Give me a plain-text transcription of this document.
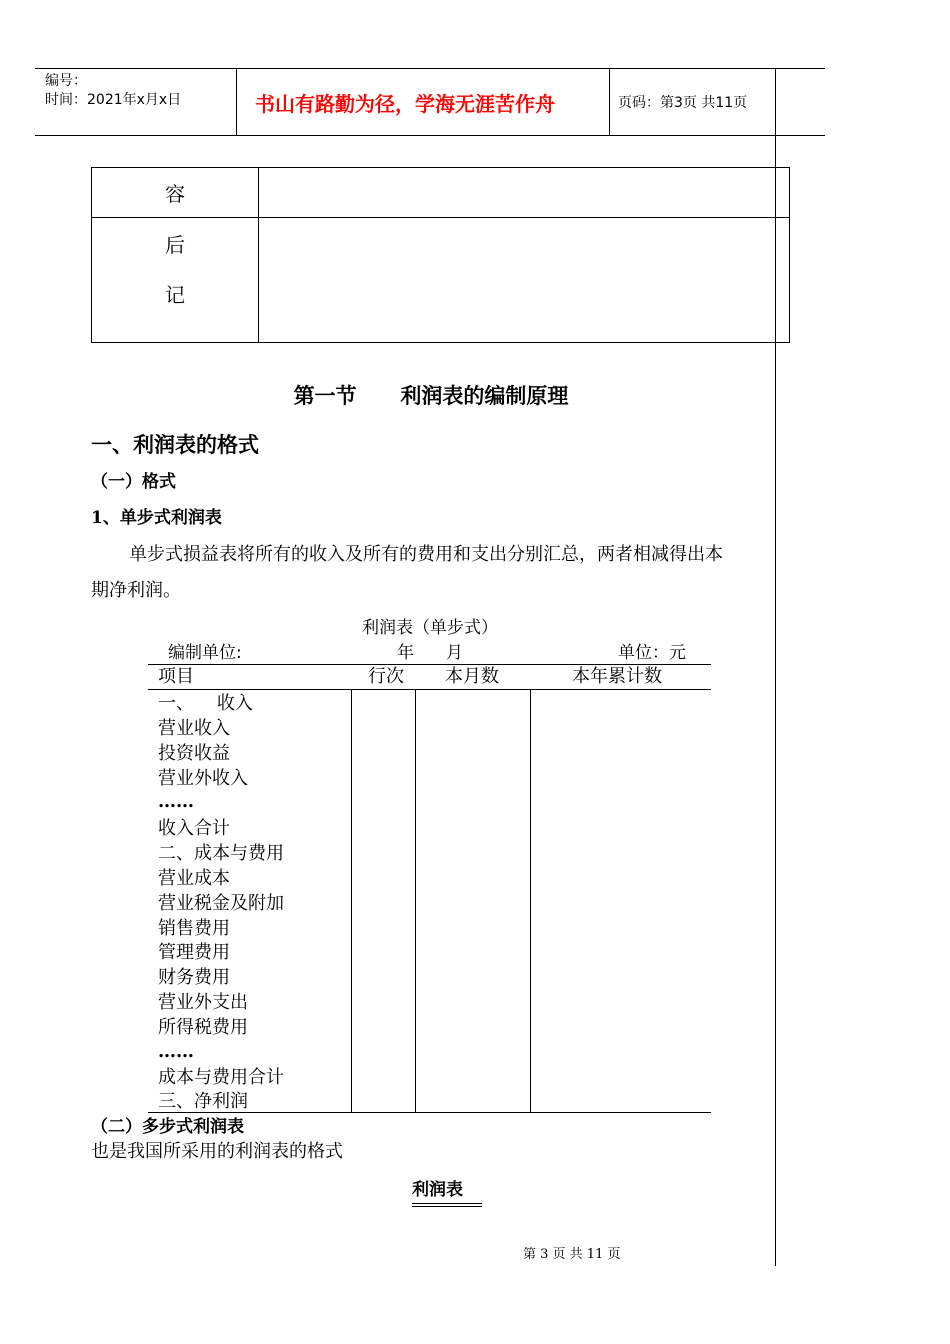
编号：
时间：2021年x月x日	书山有路勤为径，学海无涯苦作舟	页码：第3页 共11页
容
后
记
第一节      利润表的编制原理
一、利润表的格式
（一）格式
1、单步式利润表
单步式损益表将所有的收入及所有的费用和支出分别汇总，两者相减得出本
期净利润。
利润表（单步式）
编制单位:	年 月	单位：元
项目	行次 本月数	本年累计数
一、    收入
营业收入
投资收益
营业外收入
……
收入合计
二、成本与费用
营业成本
营业税金及附加
销售费用
管理费用
财务费用
营业外支出
所得税费用
……
成本与费用合计
三、净利润
（二）多步式利润表
也是我国所采用的利润表的格式
利润表
第 3 页 共 11 页
